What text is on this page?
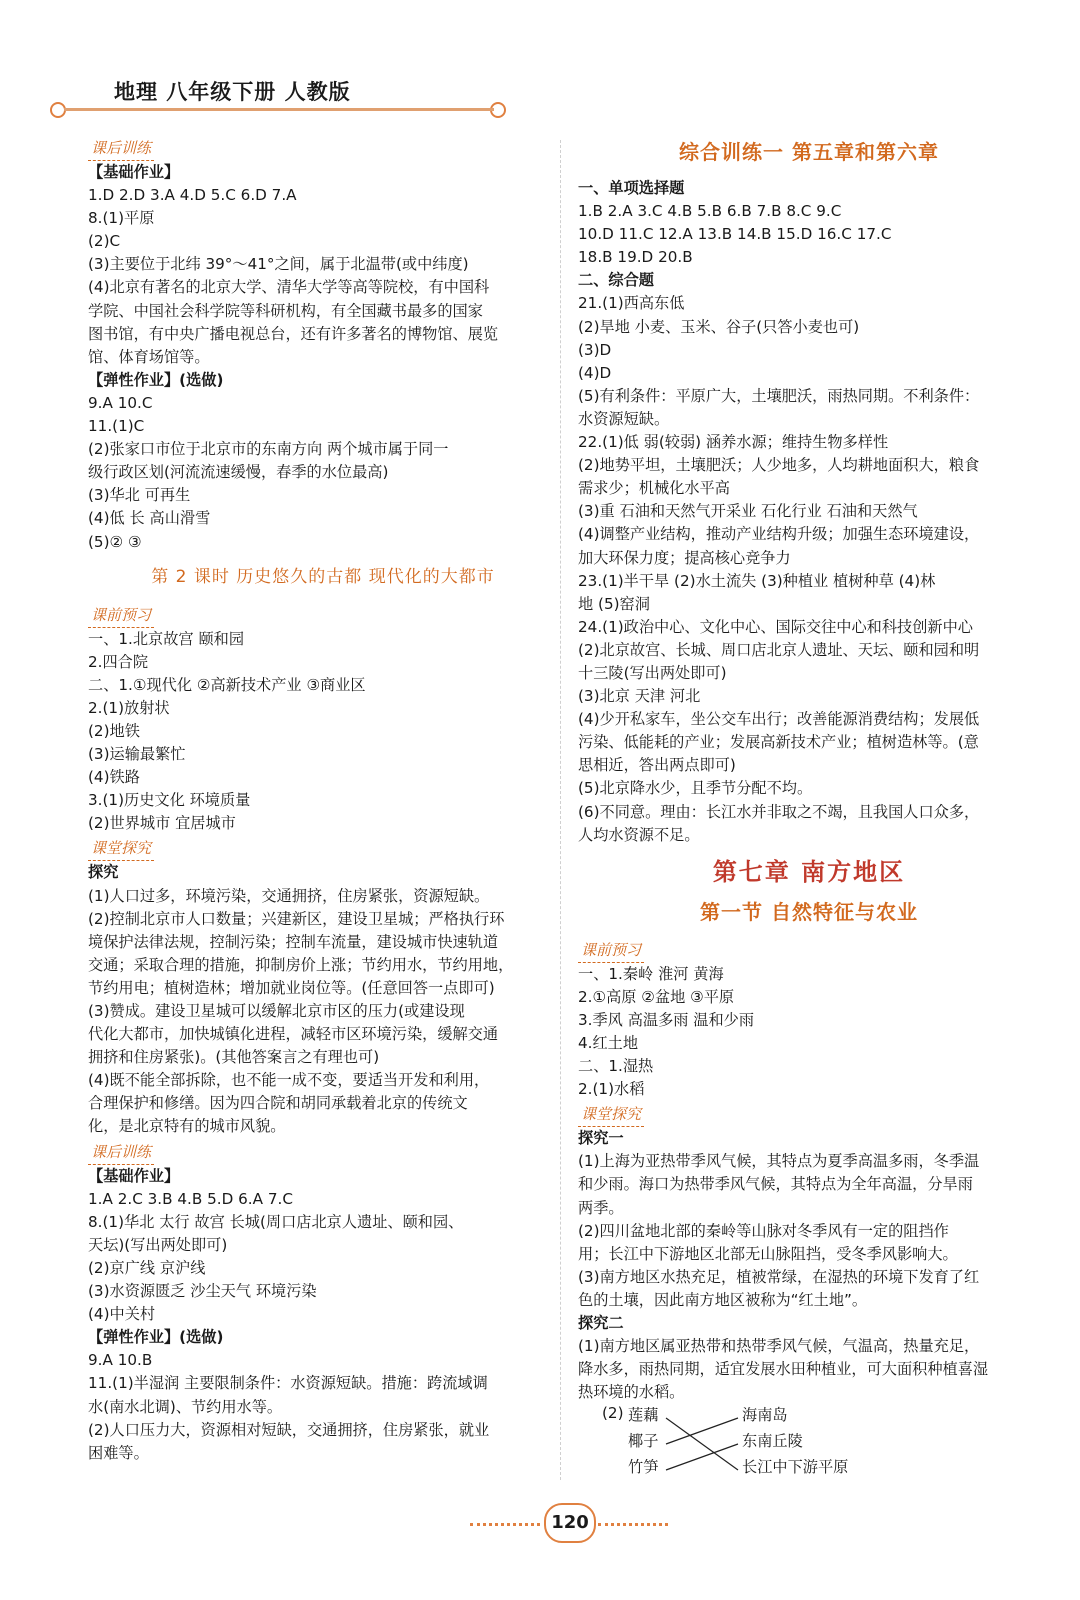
地理 八年级下册 人教版
课后训练
【基础作业】
1.D 2.D 3.A 4.D 5.C 6.D 7.A
8.(1)平原
(2)C
(3)主要位于北纬 39°～41°之间，属于北温带(或中纬度)
(4)北京有著名的北京大学、清华大学等高等院校，有中国科
学院、中国社会科学院等科研机构，有全国藏书最多的国家
图书馆，有中央广播电视总台，还有许多著名的博物馆、展览
馆、体育场馆等。
【弹性作业】(选做)
9.A 10.C
11.(1)C
(2)张家口市位于北京市的东南方向 两个城市属于同一
级行政区划(河流流速缓慢，春季的水位最高)
(3)华北 可再生
(4)低 长 高山滑雪
(5)② ③
第 2 课时 历史悠久的古都 现代化的大都市
课前预习
一、1.北京故宫 颐和园
2.四合院
二、1.①现代化 ②高新技术产业 ③商业区
2.(1)放射状
(2)地铁
(3)运输最繁忙
(4)铁路
3.(1)历史文化 环境质量
(2)世界城市 宜居城市
课堂探究
探究
(1)人口过多，环境污染，交通拥挤，住房紧张，资源短缺。
(2)控制北京市人口数量；兴建新区，建设卫星城；严格执行环
境保护法律法规，控制污染；控制车流量，建设城市快速轨道
交通；采取合理的措施，抑制房价上涨；节约用水，节约用地，
节约用电；植树造林；增加就业岗位等。(任意回答一点即可)
(3)赞成。建设卫星城可以缓解北京市区的压力(或建设现
代化大都市，加快城镇化进程，减轻市区环境污染，缓解交通
拥挤和住房紧张)。(其他答案言之有理也可)
(4)既不能全部拆除，也不能一成不变，要适当开发和利用，
合理保护和修缮。因为四合院和胡同承载着北京的传统文
化，是北京特有的城市风貌。
课后训练
【基础作业】
1.A 2.C 3.B 4.B 5.D 6.A 7.C
8.(1)华北 太行 故宫 长城(周口店北京人遗址、颐和园、
天坛)(写出两处即可)
(2)京广线 京沪线
(3)水资源匮乏 沙尘天气 环境污染
(4)中关村
【弹性作业】(选做)
9.A 10.B
11.(1)半湿润 主要限制条件：水资源短缺。措施：跨流域调
水(南水北调)、节约用水等。
(2)人口压力大，资源相对短缺，交通拥挤，住房紧张，就业
困难等。
综合训练一 第五章和第六章
一、单项选择题
1.B 2.A 3.C 4.B 5.B 6.B 7.B 8.C 9.C
10.D 11.C 12.A 13.B 14.B 15.D 16.C 17.C
18.B 19.D 20.B
二、综合题
21.(1)西高东低
(2)旱地 小麦、玉米、谷子(只答小麦也可)
(3)D
(4)D
(5)有利条件：平原广大，土壤肥沃，雨热同期。不利条件：
水资源短缺。
22.(1)低 弱(较弱) 涵养水源；维持生物多样性
(2)地势平坦，土壤肥沃；人少地多，人均耕地面积大，粮食
需求少；机械化水平高
(3)重 石油和天然气开采业 石化行业 石油和天然气
(4)调整产业结构，推动产业结构升级；加强生态环境建设，
加大环保力度；提高核心竞争力
23.(1)半干旱 (2)水土流失 (3)种植业 植树种草 (4)林
地 (5)窑洞
24.(1)政治中心、文化中心、国际交往中心和科技创新中心
(2)北京故宫、长城、周口店北京人遗址、天坛、颐和园和明
十三陵(写出两处即可)
(3)北京 天津 河北
(4)少开私家车，坐公交车出行；改善能源消费结构；发展低
污染、低能耗的产业；发展高新技术产业；植树造林等。(意
思相近，答出两点即可)
(5)北京降水少，且季节分配不均。
(6)不同意。理由：长江水并非取之不竭，且我国人口众多，
人均水资源不足。
第七章 南方地区
第一节 自然特征与农业
课前预习
一、1.秦岭 淮河 黄海
2.①高原 ②盆地 ③平原
3.季风 高温多雨 温和少雨
4.红土地
二、1.湿热
2.(1)水稻
课堂探究
探究一
(1)上海为亚热带季风气候，其特点为夏季高温多雨，冬季温
和少雨。海口为热带季风气候，其特点为全年高温，分旱雨
两季。
(2)四川盆地北部的秦岭等山脉对冬季风有一定的阻挡作
用；长江中下游地区北部无山脉阻挡，受冬季风影响大。
(3)南方地区水热充足，植被常绿，在湿热的环境下发育了红
色的土壤，因此南方地区被称为“红土地”。
探究二
(1)南方地区属亚热带和热带季风气候，气温高，热量充足，
降水多，雨热同期，适宜发展水田种植业，可大面积种植喜湿
热环境的水稻。
(2) 莲藕
椰子
竹笋
海南岛
东南丘陵
长江中下游平原
120
